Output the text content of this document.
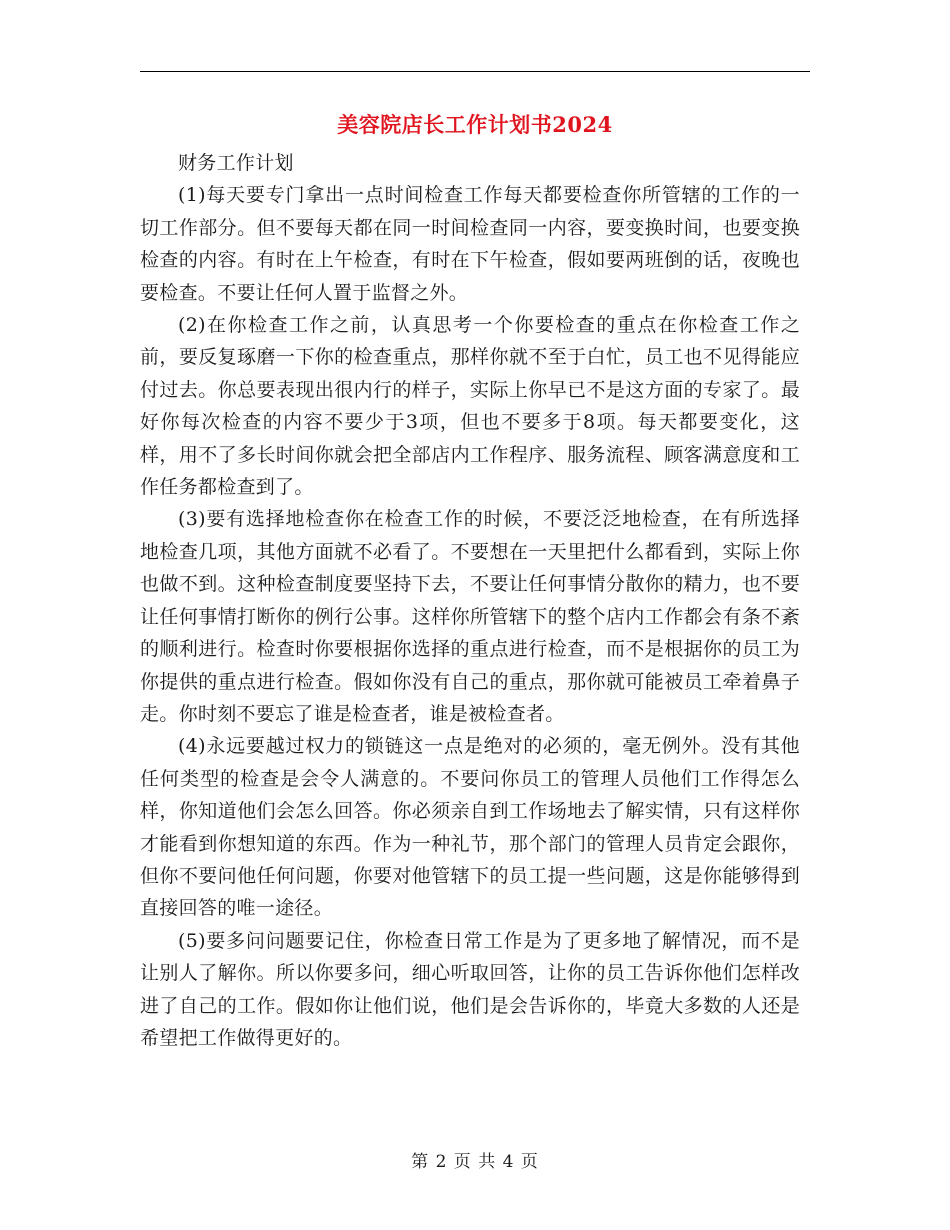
美容院店长工作计划书2024

财务工作计划

(1)每天要专门拿出一点时间检查工作每天都要检查你所管辖的工作的一切工作部分。但不要每天都在同一时间检查同一内容，要变换时间，也要变换检查的内容。有时在上午检查，有时在下午检查，假如要两班倒的话，夜晚也要检查。不要让任何人置于监督之外。

(2)在你检查工作之前，认真思考一个你要检查的重点在你检查工作之前，要反复琢磨一下你的检查重点，那样你就不至于白忙，员工也不见得能应付过去。你总要表现出很内行的样子，实际上你早已不是这方面的专家了。最好你每次检查的内容不要少于3项，但也不要多于8项。每天都要变化，这样，用不了多长时间你就会把全部店内工作程序、服务流程、顾客满意度和工作任务都检查到了。

(3)要有选择地检查你在检查工作的时候，不要泛泛地检查，在有所选择地检查几项，其他方面就不必看了。不要想在一天里把什么都看到，实际上你也做不到。这种检查制度要坚持下去，不要让任何事情分散你的精力，也不要让任何事情打断你的例行公事。这样你所管辖下的整个店内工作都会有条不紊的顺利进行。检查时你要根据你选择的重点进行检查，而不是根据你的员工为你提供的重点进行检查。假如你没有自己的重点，那你就可能被员工牵着鼻子走。你时刻不要忘了谁是检查者，谁是被检查者。

(4)永远要越过权力的锁链这一点是绝对的必须的，毫无例外。没有其他任何类型的检查是会令人满意的。不要问你员工的管理人员他们工作得怎么样，你知道他们会怎么回答。你必须亲自到工作场地去了解实情，只有这样你才能看到你想知道的东西。作为一种礼节，那个部门的管理人员肯定会跟你，但你不要问他任何问题，你要对他管辖下的员工提一些问题，这是你能够得到直接回答的唯一途径。

(5)要多问问题要记住，你检查日常工作是为了更多地了解情况，而不是让别人了解你。所以你要多问，细心听取回答，让你的员工告诉你他们怎样改进了自己的工作。假如你让他们说，他们是会告诉你的，毕竟大多数的人还是希望把工作做得更好的。

第 2 页 共 4 页
